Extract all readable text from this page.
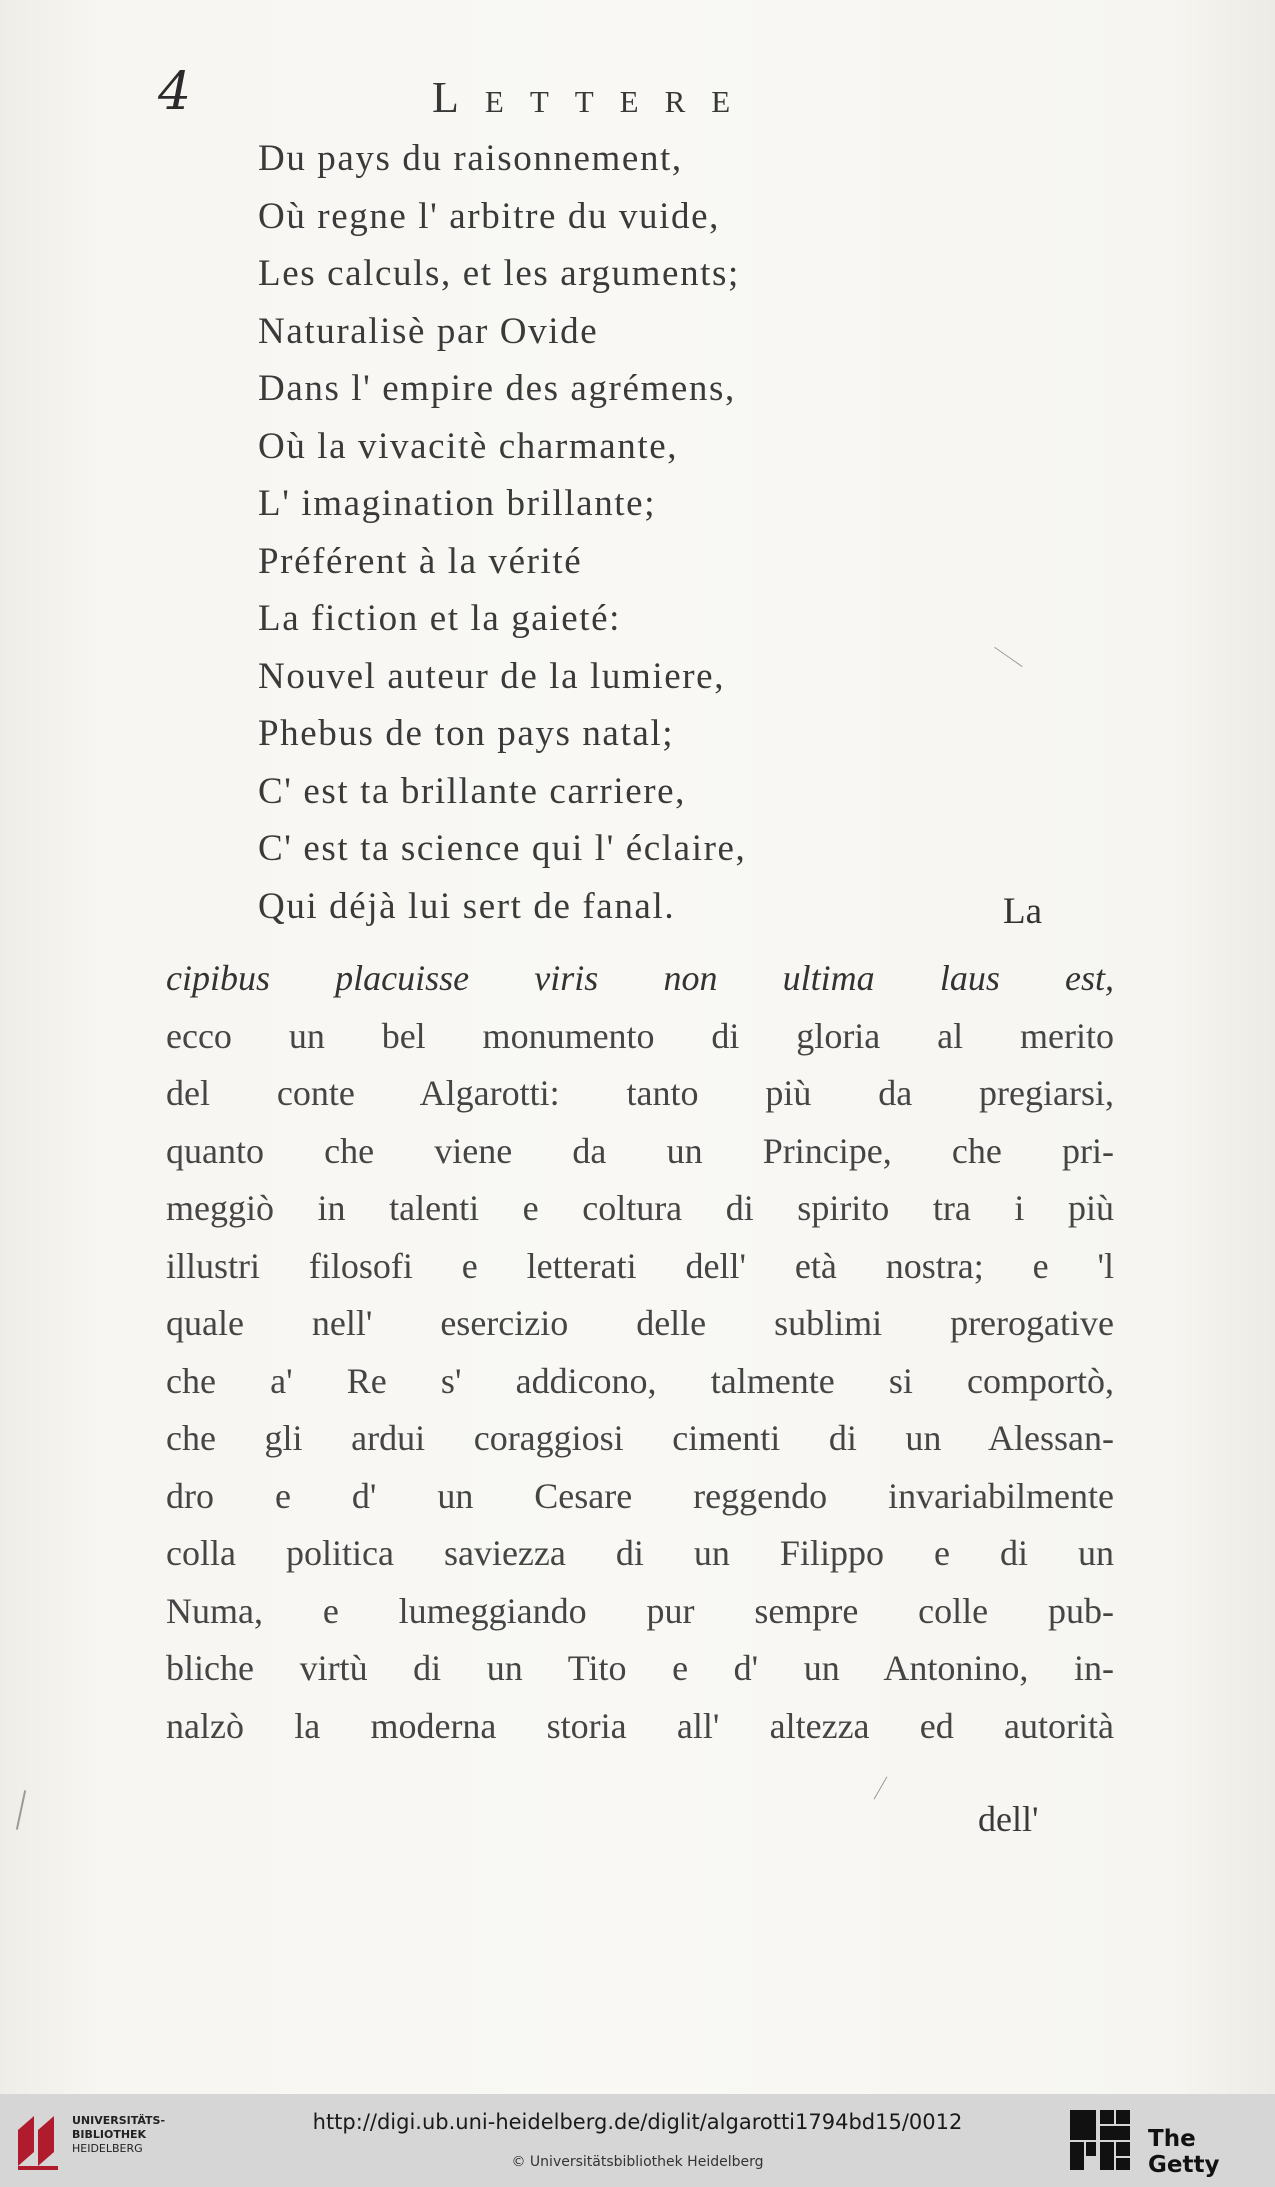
4	Lettere

Du pays du raisonnement,
Où regne l' arbitre du vuide,
Les calculs, et les arguments;
Naturalisè par Ovide
Dans l' empire des agrémens,
Où la vivacitè charmante,
L' imagination brillante;
Préférent à la vérité
La fiction et la gaieté:
Nouvel auteur de la lumiere,
Phebus de ton pays natal;
C' est ta brillante carriere,
C' est ta science qui l' éclaire,
Qui déjà lui sert de fanal.	La

cipibus placuisse viris non ultima laus est,
ecco un bel monumento di gloria al merito
del conte Algarotti: tanto più da pregiarsi,
quanto che viene da un Principe, che pri-
meggiò in talenti e coltura di spirito tra i più
illustri filosofi e letterati dell' età nostra; e 'l
quale nell' esercizio delle sublimi prerogative
che a' Re s' addicono, talmente si comportò,
che gli ardui coraggiosi cimenti di un Alessan-
dro e d' un Cesare reggendo invariabilmente
colla politica saviezza di un Filippo e di un
Numa, e lumeggiando pur sempre colle pub-
bliche virtù di un Tito e d' un Antonino, in-
nalzò la moderna storia all' altezza ed autorità

dell'

UNIVERSITÄTS-
BIBLIOTHEK
HEIDELBERG
http://digi.ub.uni-heidelberg.de/diglit/algarotti1794bd15/0012
© Universitätsbibliothek Heidelberg
The Getty
